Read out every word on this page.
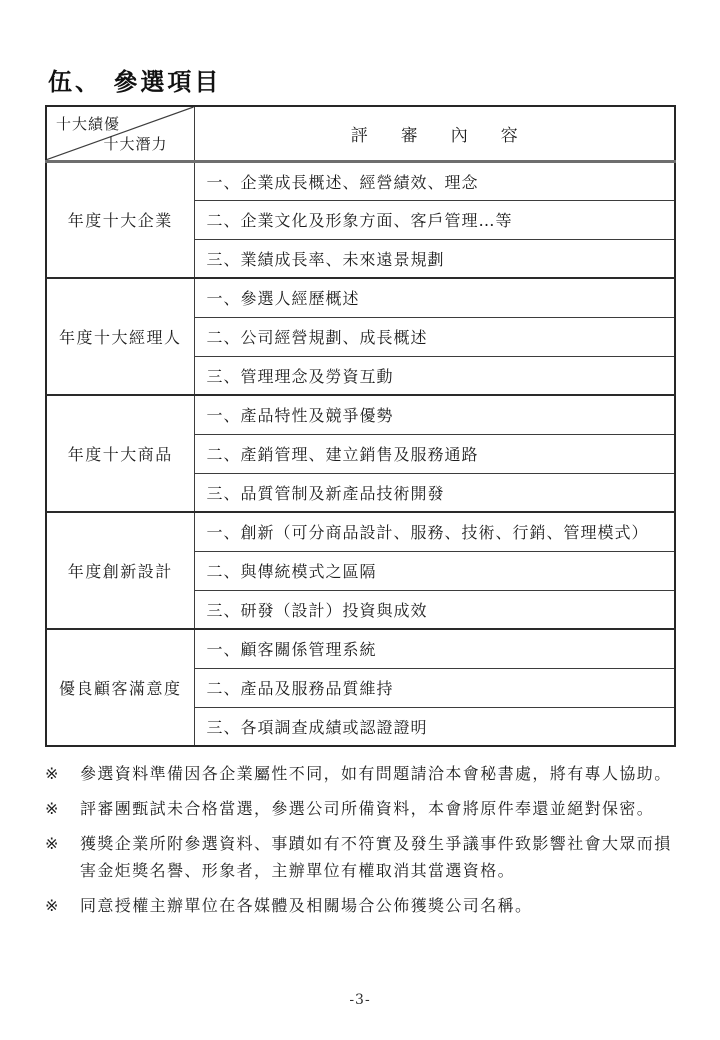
伍、 參選項目
十大績優
十大潛力	評　審　內　容
年度十大企業	一、企業成長概述、經營績效、理念
	二、企業文化及形象方面、客戶管理…等
	三、業績成長率、未來遠景規劃
年度十大經理人	一、參選人經歷概述
	二、公司經營規劃、成長概述
	三、管理理念及勞資互動
年度十大商品	一、產品特性及競爭優勢
	二、產銷管理、建立銷售及服務通路
	三、品質管制及新產品技術開發
年度創新設計	一、創新（可分商品設計、服務、技術、行銷、管理模式）
	二、與傳統模式之區隔
	三、研發（設計）投資與成效
優良顧客滿意度	一、顧客關係管理系統
	二、產品及服務品質維持
	三、各項調查成績或認證證明
※	參選資料準備因各企業屬性不同，如有問題請洽本會秘書處，將有專人協助。
※	評審團甄試未合格當選，參選公司所備資料，本會將原件奉還並絕對保密。
※	獲獎企業所附參選資料、事蹟如有不符實及發生爭議事件致影響社會大眾而損害金炬獎名譽、形象者，主辦單位有權取消其當選資格。
※	同意授權主辦單位在各媒體及相關場合公佈獲獎公司名稱。
-3-
